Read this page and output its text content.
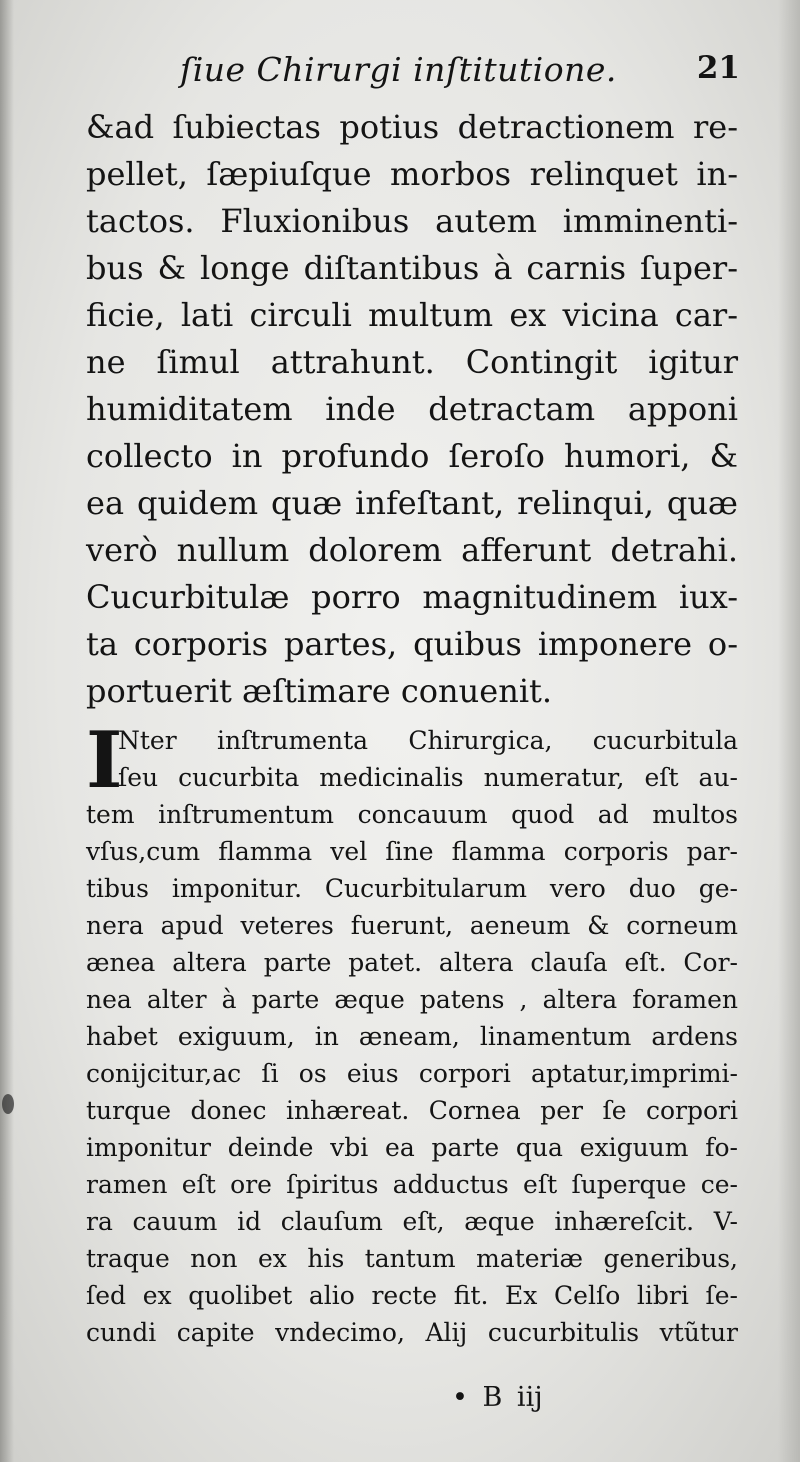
ſiue Chirurgi inſtitutione.	21
&ad ſubiectas potius detractionem re-
pellet, ſæpiuſque morbos relinquet in-
tactos. Fluxionibus autem imminenti-
bus & longe diſtantibus à carnis ſuper-
ficie, lati circuli multum ex vicina car-
ne ſimul attrahunt. Contingit igitur
humiditatem inde detractam apponi
collecto in profundo ſeroſo humori, &
ea quidem quæ infeſtant, relinqui, quæ
verò nullum dolorem afferunt detrahi.
Cucurbitulæ porro magnitudinem iux-
ta corporis partes, quibus imponere o-
portuerit æſtimare conuenit.
I
Nter inſtrumenta Chirurgica, cucurbitula
ſeu cucurbita medicinalis numeratur, eſt au-
tem inſtrumentum concauum quod ad multos
vſus,cum flamma vel ſine flamma corporis par-
tibus imponitur. Cucurbitularum vero duo ge-
nera apud veteres fuerunt, aeneum & corneum
ænea altera parte patet. altera clauſa eſt. Cor-
nea alter à parte æque patens , altera foramen
habet exiguum, in æneam, linamentum ardens
conijcitur,ac ſi os eius corpori aptatur,imprimi-
turque donec inhæreat. Cornea per ſe corpori
imponitur deinde vbi ea parte qua exiguum fo-
ramen eſt ore ſpiritus adductus eſt ſuperque ce-
ra cauum id clauſum eſt, æque inhæreſcit. V-
traque non ex his tantum materiæ generibus,
ſed ex quolibet alio recte fit. Ex Celſo libri ſe-
cundi capite vndecimo, Alij cucurbitulis vtũtur
• B iij
